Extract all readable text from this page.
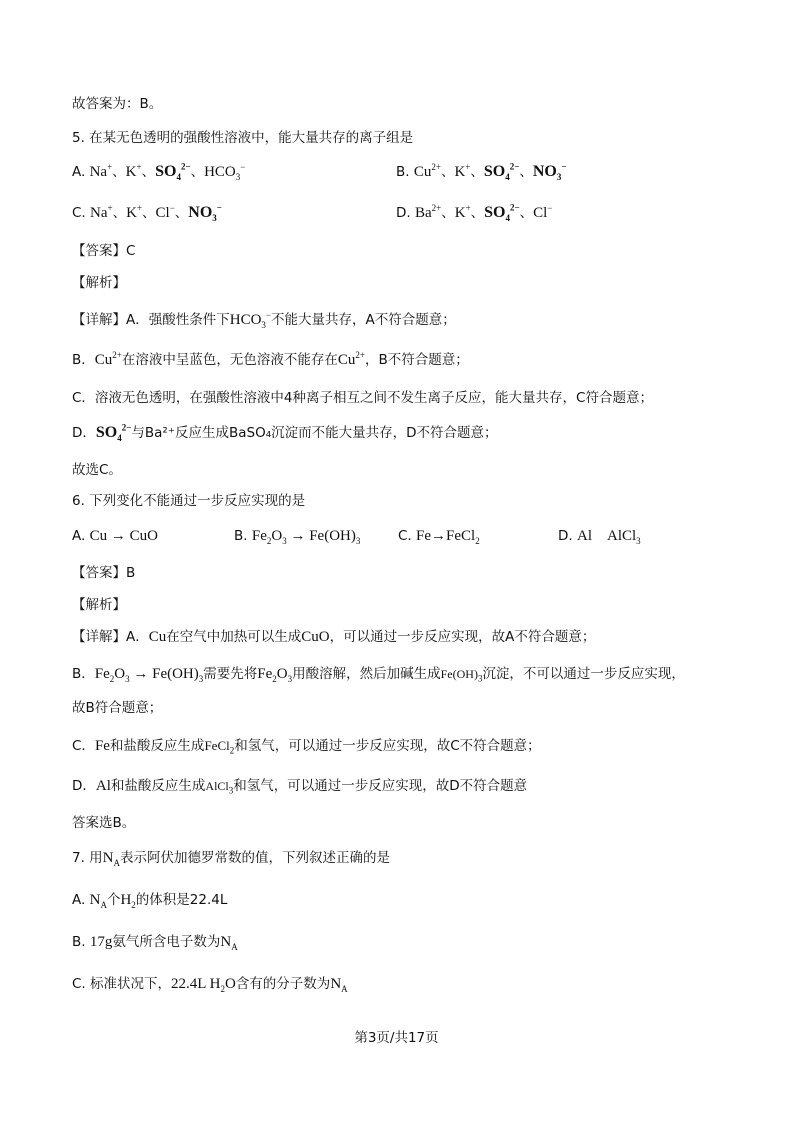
故答案为：B。
5. 在某无色透明的强酸性溶液中，能大量共存的离子组是
A. Na+、K+、$SO_4^{2-}$、$HCO_3^-$	B. $Cu^{2+}$、K+、$SO_4^{2-}$、$NO_3^-$
C. Na+、K+、Cl−、$NO_3^-$	D. $Ba^{2+}$、K+、$SO_4^{2-}$、Cl−
【答案】C
【解析】
【详解】A．强酸性条件下$HCO_3^-$不能大量共存，A不符合题意；
B．$Cu^{2+}$在溶液中呈蓝色，无色溶液不能存在$Cu^{2+}$，B不符合题意；
C．溶液无色透明，在强酸性溶液中4种离子相互之间不发生离子反应，能大量共存，C符合题意；
D．$SO_4^{2-}$与Ba²⁺反应生成BaSO₄沉淀而不能大量共存，D不符合题意；
故选C。
6. 下列变化不能通过一步反应实现的是
A. Cu → CuO	B. $Fe_2O_3 \to Fe(OH)_3$	C. Fe→FeCl$_2$	D. Al AlCl$_3$
【答案】B
【解析】
【详解】A．Cu在空气中加热可以生成CuO，可以通过一步反应实现，故A不符合题意；
B．$Fe_2O_3 \to Fe(OH)_3$需要先将$Fe_2O_3$用酸溶解，然后加碱生成$Fe(OH)_3$沉淀，不可以通过一步反应实现，
故B符合题意；
C．Fe和盐酸反应生成FeCl$_2$和氢气，可以通过一步反应实现，故C不符合题意；
D．Al和盐酸反应生成AlCl$_3$和氢气，可以通过一步反应实现，故D不符合题意
答案选B。
7. 用$N_A$表示阿伏加德罗常数的值，下列叙述正确的是
A. $N_A$个$H_2$的体积是22.4L
B. 17g氨气所含电子数为$N_A$
C. 标准状况下，22.4L $H_2O$含有的分子数为$N_A$
第3页/共17页
